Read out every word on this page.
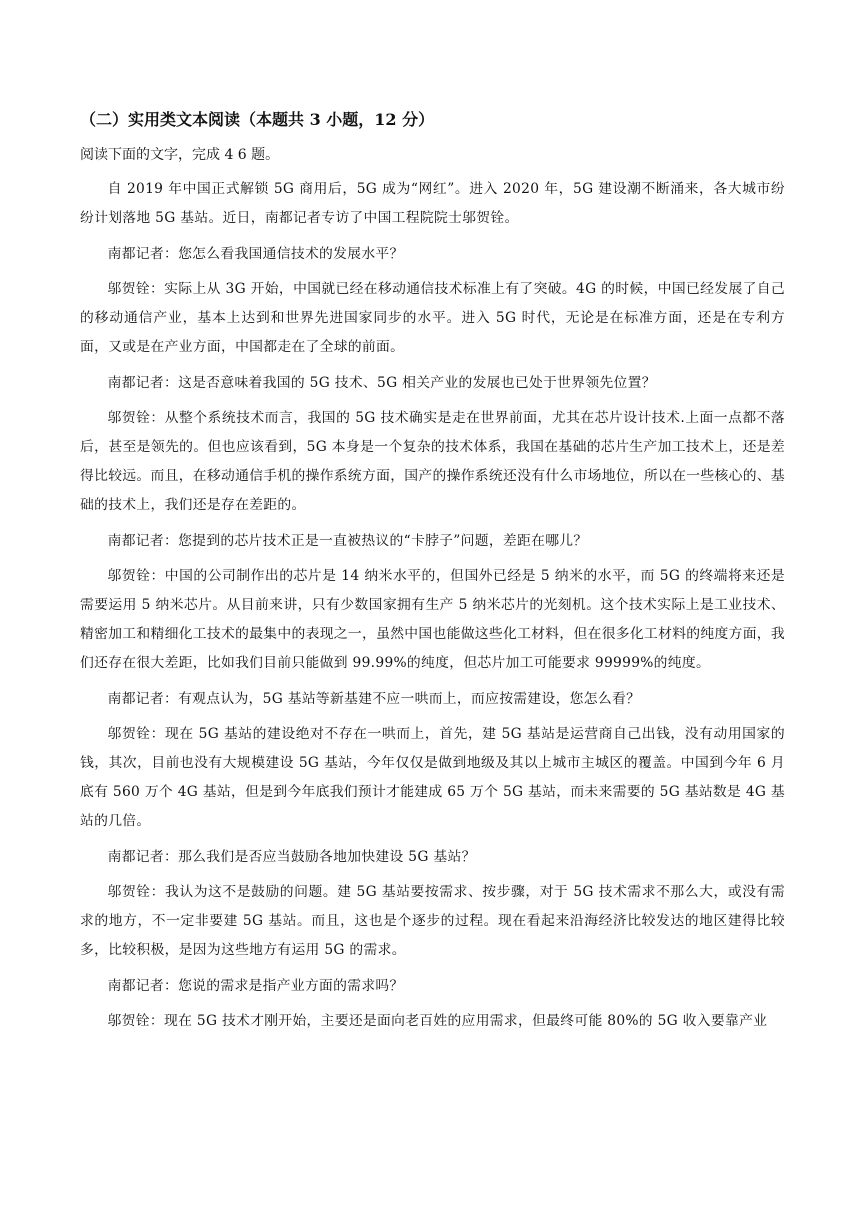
（二）实用类文本阅读（本题共 3 小题，12 分）
阅读下面的文字，完成 4 6 题。

自 2019 年中国正式解锁 5G 商用后，5G 成为“网红”。进入 2020 年，5G 建设潮不断涌来，各大城市纷纷计划落地 5G 基站。近日，南都记者专访了中国工程院院士邬贺铨。

南都记者：您怎么看我国通信技术的发展水平？

邬贺铨：实际上从 3G 开始，中国就已经在移动通信技术标准上有了突破。4G 的时候，中国已经发展了自己的移动通信产业，基本上达到和世界先进国家同步的水平。进入 5G 时代，无论是在标准方面，还是在专利方面，又或是在产业方面，中国都走在了全球的前面。

南都记者：这是否意味着我国的 5G 技术、5G 相关产业的发展也已处于世界领先位置？

邬贺铨：从整个系统技术而言，我国的 5G 技术确实是走在世界前面，尤其在芯片设计技术.上面一点都不落后，甚至是领先的。但也应该看到，5G 本身是一个复杂的技术体系，我国在基础的芯片生产加工技术上，还是差得比较远。而且，在移动通信手机的操作系统方面，国产的操作系统还没有什么市场地位，所以在一些核心的、基础的技术上，我们还是存在差距的。

南都记者：您提到的芯片技术正是一直被热议的“卡脖子”问题，差距在哪儿？

邬贺铨：中国的公司制作出的芯片是 14 纳米水平的，但国外已经是 5 纳米的水平，而 5G 的终端将来还是需要运用 5 纳米芯片。从目前来讲，只有少数国家拥有生产 5 纳米芯片的光刻机。这个技术实际上是工业技术、精密加工和精细化工技术的最集中的表现之一，虽然中国也能做这些化工材料，但在很多化工材料的纯度方面，我们还存在很大差距，比如我们目前只能做到 99.99%的纯度，但芯片加工可能要求 99999%的纯度。

南都记者：有观点认为，5G 基站等新基建不应一哄而上，而应按需建设，您怎么看？

邬贺铨：现在 5G 基站的建设绝对不存在一哄而上，首先，建 5G 基站是运营商自己出钱，没有动用国家的钱，其次，目前也没有大规模建设 5G 基站，今年仅仅是做到地级及其以上城市主城区的覆盖。中国到今年 6 月底有 560 万个 4G 基站，但是到今年底我们预计才能建成 65 万个 5G 基站，而未来需要的 5G 基站数是 4G 基站的几倍。

南都记者：那么我们是否应当鼓励各地加快建设 5G 基站？

邬贺铨：我认为这不是鼓励的问题。建 5G 基站要按需求、按步骤，对于 5G 技术需求不那么大，或没有需求的地方，不一定非要建 5G 基站。而且，这也是个逐步的过程。现在看起来沿海经济比较发达的地区建得比较多，比较积极，是因为这些地方有运用 5G 的需求。

南都记者：您说的需求是指产业方面的需求吗？

邬贺铨：现在 5G 技术才刚开始，主要还是面向老百姓的应用需求，但最终可能 80%的 5G 收入要靠产业
